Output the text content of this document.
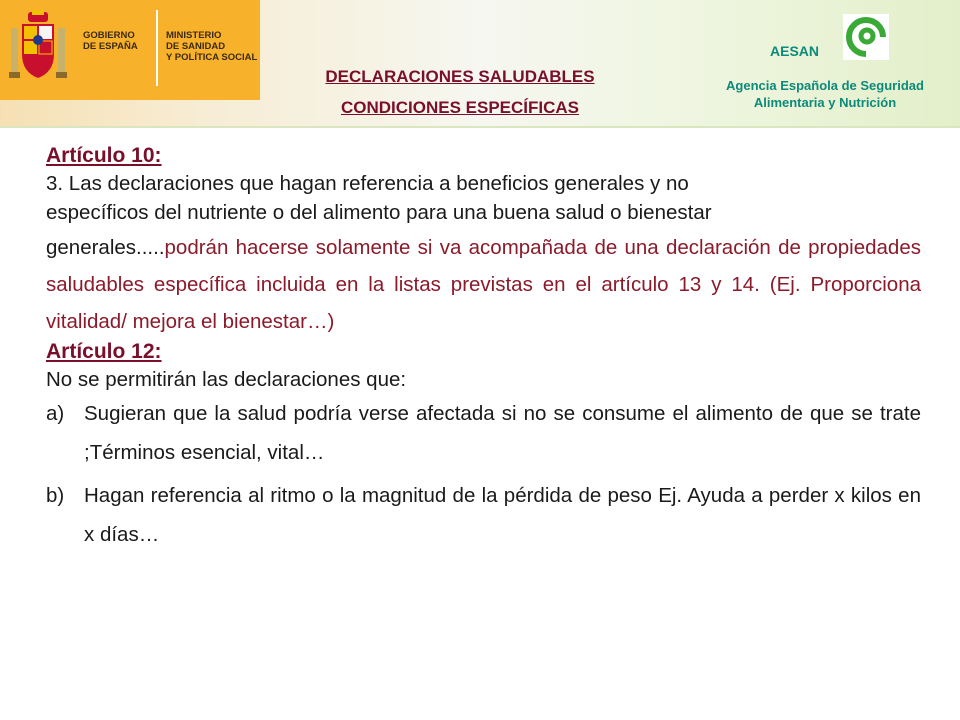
GOBIERNO
DE ESPAÑA
MINISTERIO
DE SANIDAD
Y POLÍTICA SOCIAL
DECLARACIONES SALUDABLES
CONDICIONES ESPECÍFICAS
AESAN
Agencia Española de Seguridad Alimentaria y Nutrición
Artículo 10:
3. Las declaraciones que hagan referencia a beneficios generales y no
específicos del nutriente o del alimento para una buena salud o bienestar
generales.....podrán hacerse solamente si va acompañada de una declaración de propiedades saludables específica incluida en la listas previstas en el artículo 13 y 14. (Ej. Proporciona vitalidad/ mejora el bienestar…)
Artículo 12:
No se permitirán las declaraciones que:
a) Sugieran que la salud podría verse afectada si no se consume el alimento de que se trate ;Términos esencial, vital…
b) Hagan referencia al ritmo o la magnitud de la pérdida de peso Ej. Ayuda a perder x kilos en x días…
